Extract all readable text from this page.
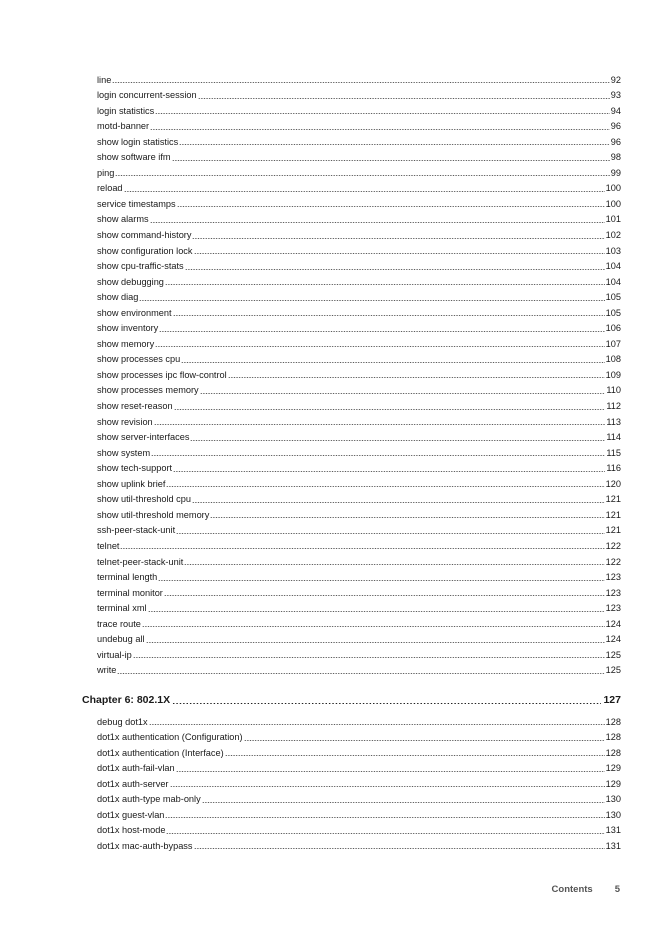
line	92
login concurrent-session	93
login statistics	94
motd-banner	96
show login statistics	96
show software ifm	98
ping	99
reload	100
service timestamps	100
show alarms	101
show command-history	102
show configuration lock	103
show cpu-traffic-stats	104
show debugging	104
show diag	105
show environment	105
show inventory	106
show memory	107
show processes cpu	108
show processes ipc flow-control	109
show processes memory	110
show reset-reason	112
show revision	113
show server-interfaces	114
show system	115
show tech-support	116
show uplink brief	120
show util-threshold cpu	121
show util-threshold memory	121
ssh-peer-stack-unit	121
telnet	122
telnet-peer-stack-unit	122
terminal length	123
terminal monitor	123
terminal xml	123
trace route	124
undebug all	124
virtual-ip	125
write	125
Chapter 6: 802.1X	127
debug dot1x	128
dot1x authentication (Configuration)	128
dot1x authentication (Interface)	128
dot1x auth-fail-vlan	129
dot1x auth-server	129
dot1x auth-type mab-only	130
dot1x guest-vlan	130
dot1x host-mode	131
dot1x mac-auth-bypass	131
Contents 5
